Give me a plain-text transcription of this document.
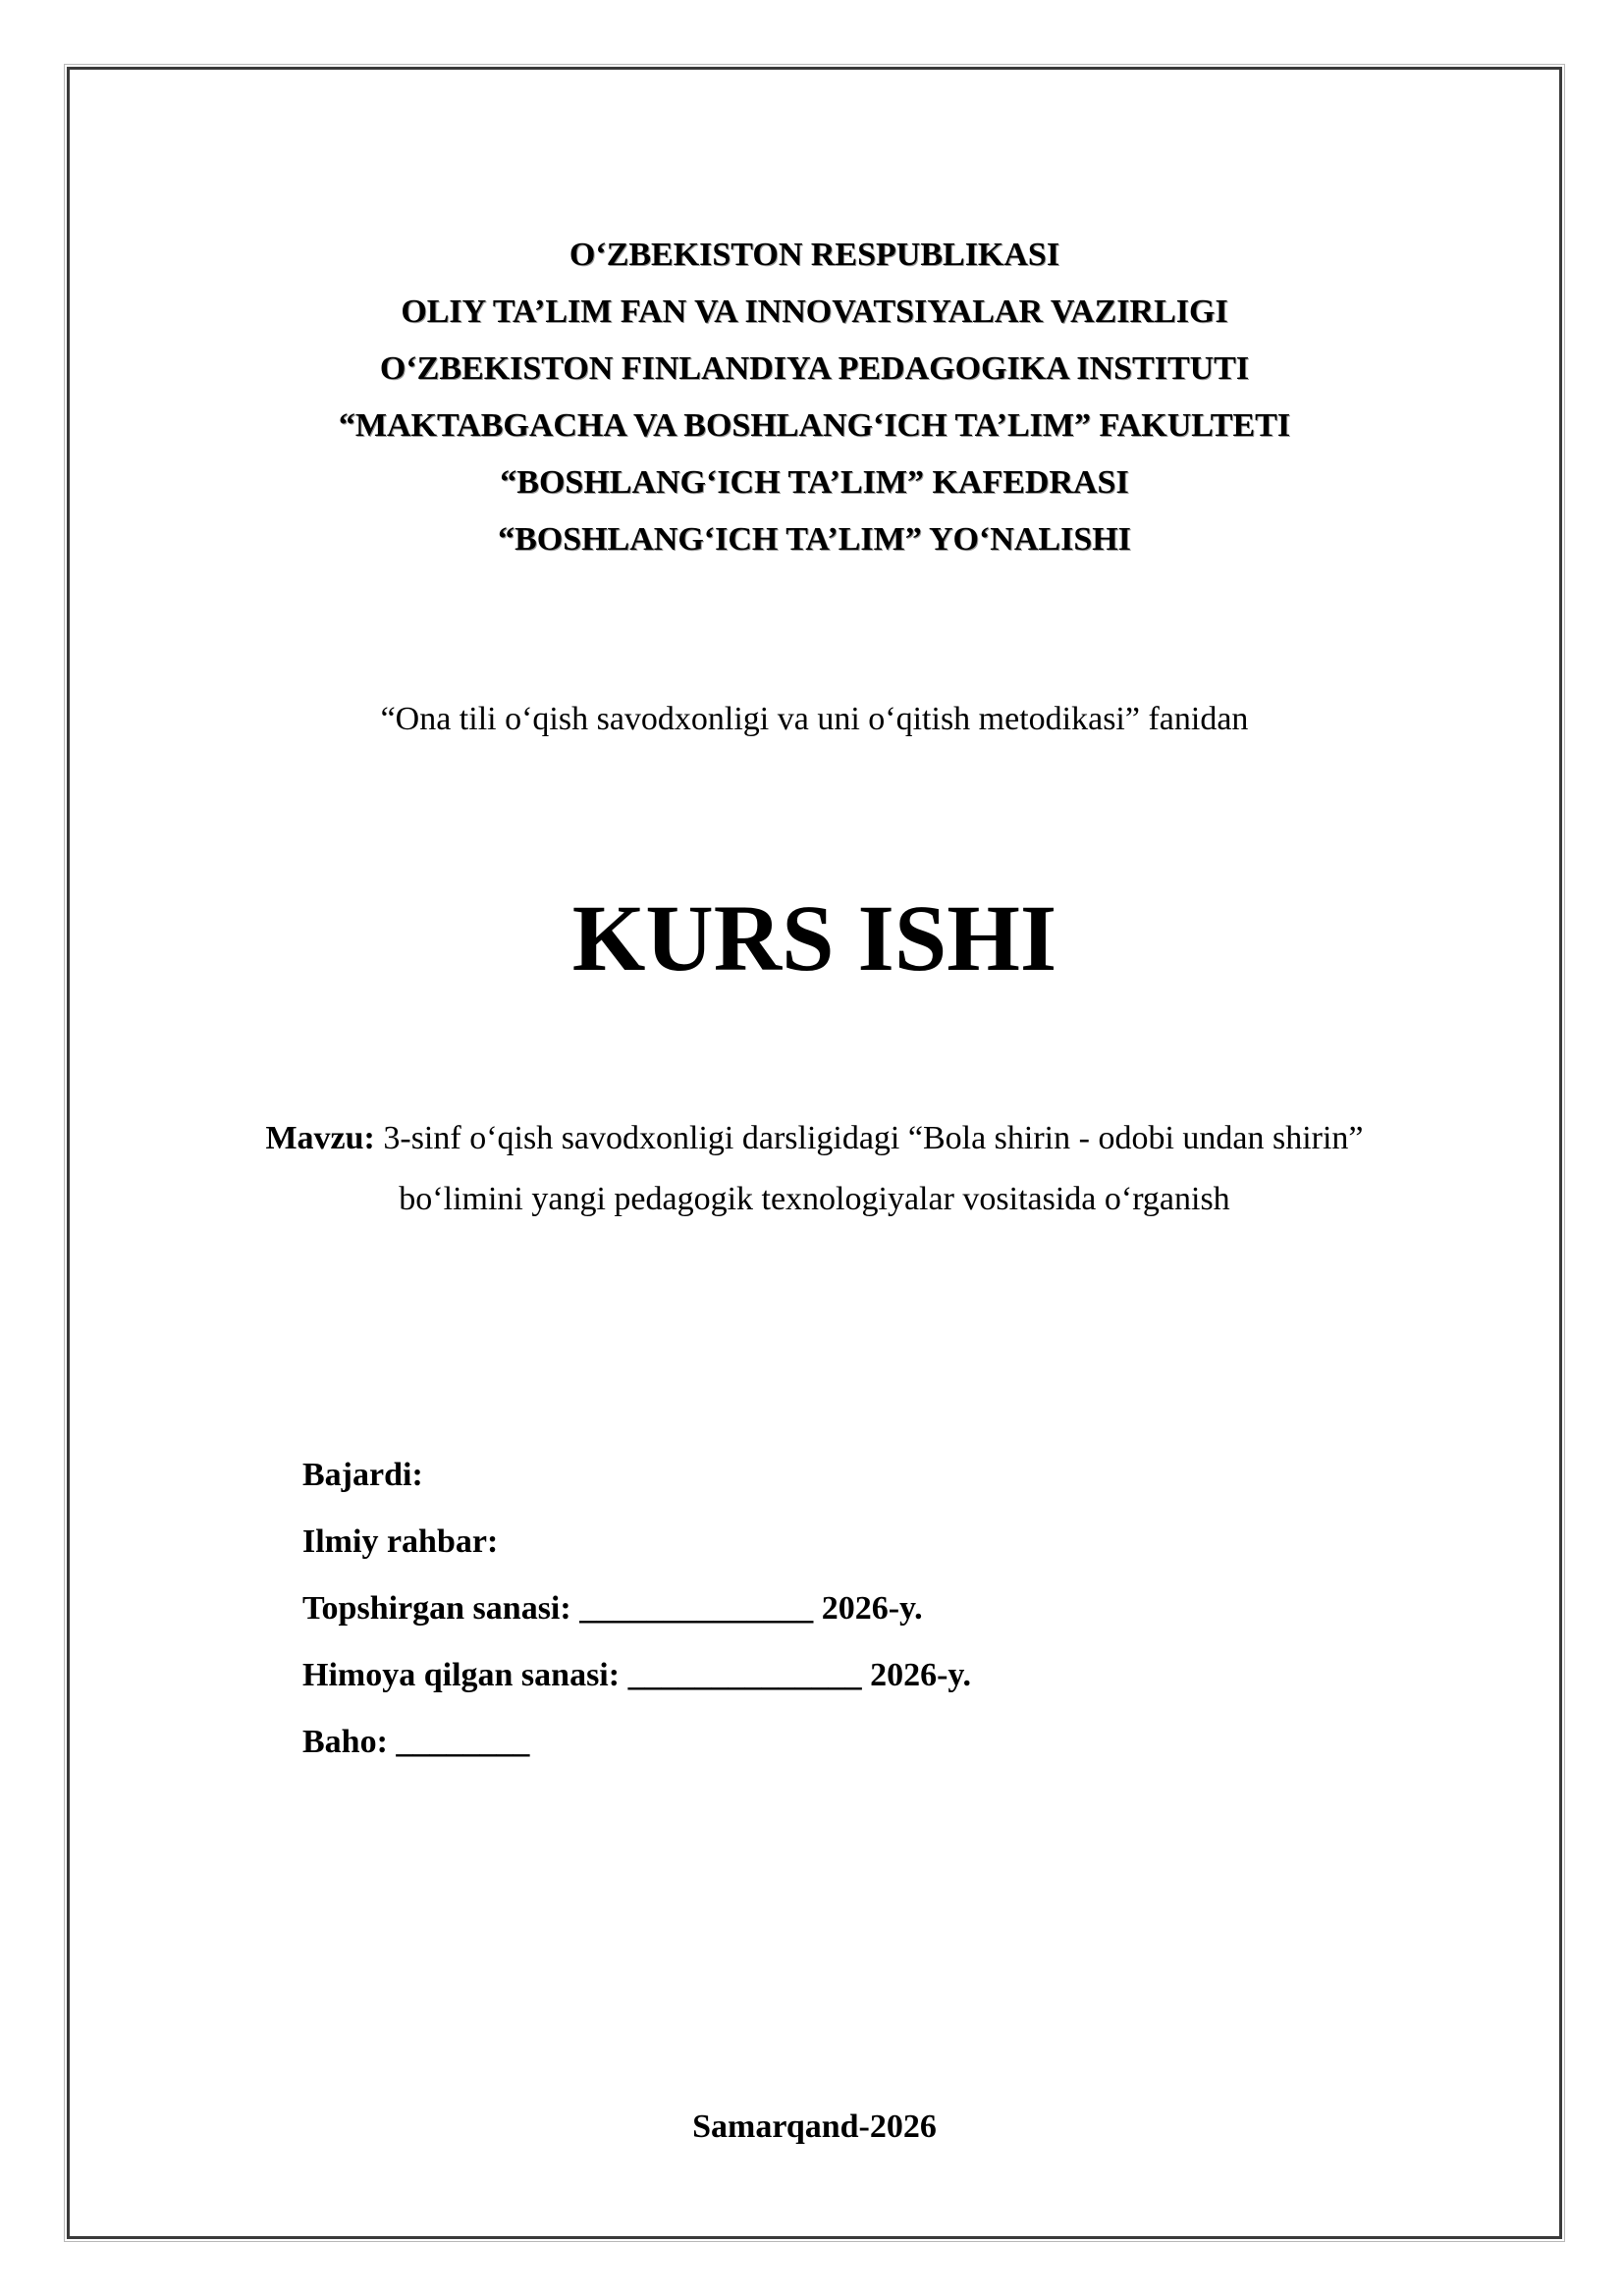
O‘ZBEKISTON RESPUBLIKASI
OLIY TA’LIM FAN VA INNOVATSIYALAR VAZIRLIGI
O‘ZBEKISTON FINLANDIYA PEDAGOGIKA INSTITUTI
“MAKTABGACHA VA BOSHLANG‘ICH TA’LIM” FAKULTETI
“BOSHLANG‘ICH TA’LIM” KAFEDRASI
“BOSHLANG‘ICH TA’LIM” YO‘NALISHI
“Ona tili o‘qish savodxonligi va uni o‘qitish metodikasi” fanidan
KURS ISHI
Mavzu: 3-sinf o‘qish savodxonligi darsligidagi “Bola shirin - odobi undan shirin” bo‘limini yangi pedagogik texnologiyalar vositasida o‘rganish
Bajardi:
Ilmiy rahbar:
Topshirgan sanasi: ______________ 2026-y.
Himoya qilgan sanasi: ______________ 2026-y.
Baho: ________
Samarqand-2026
